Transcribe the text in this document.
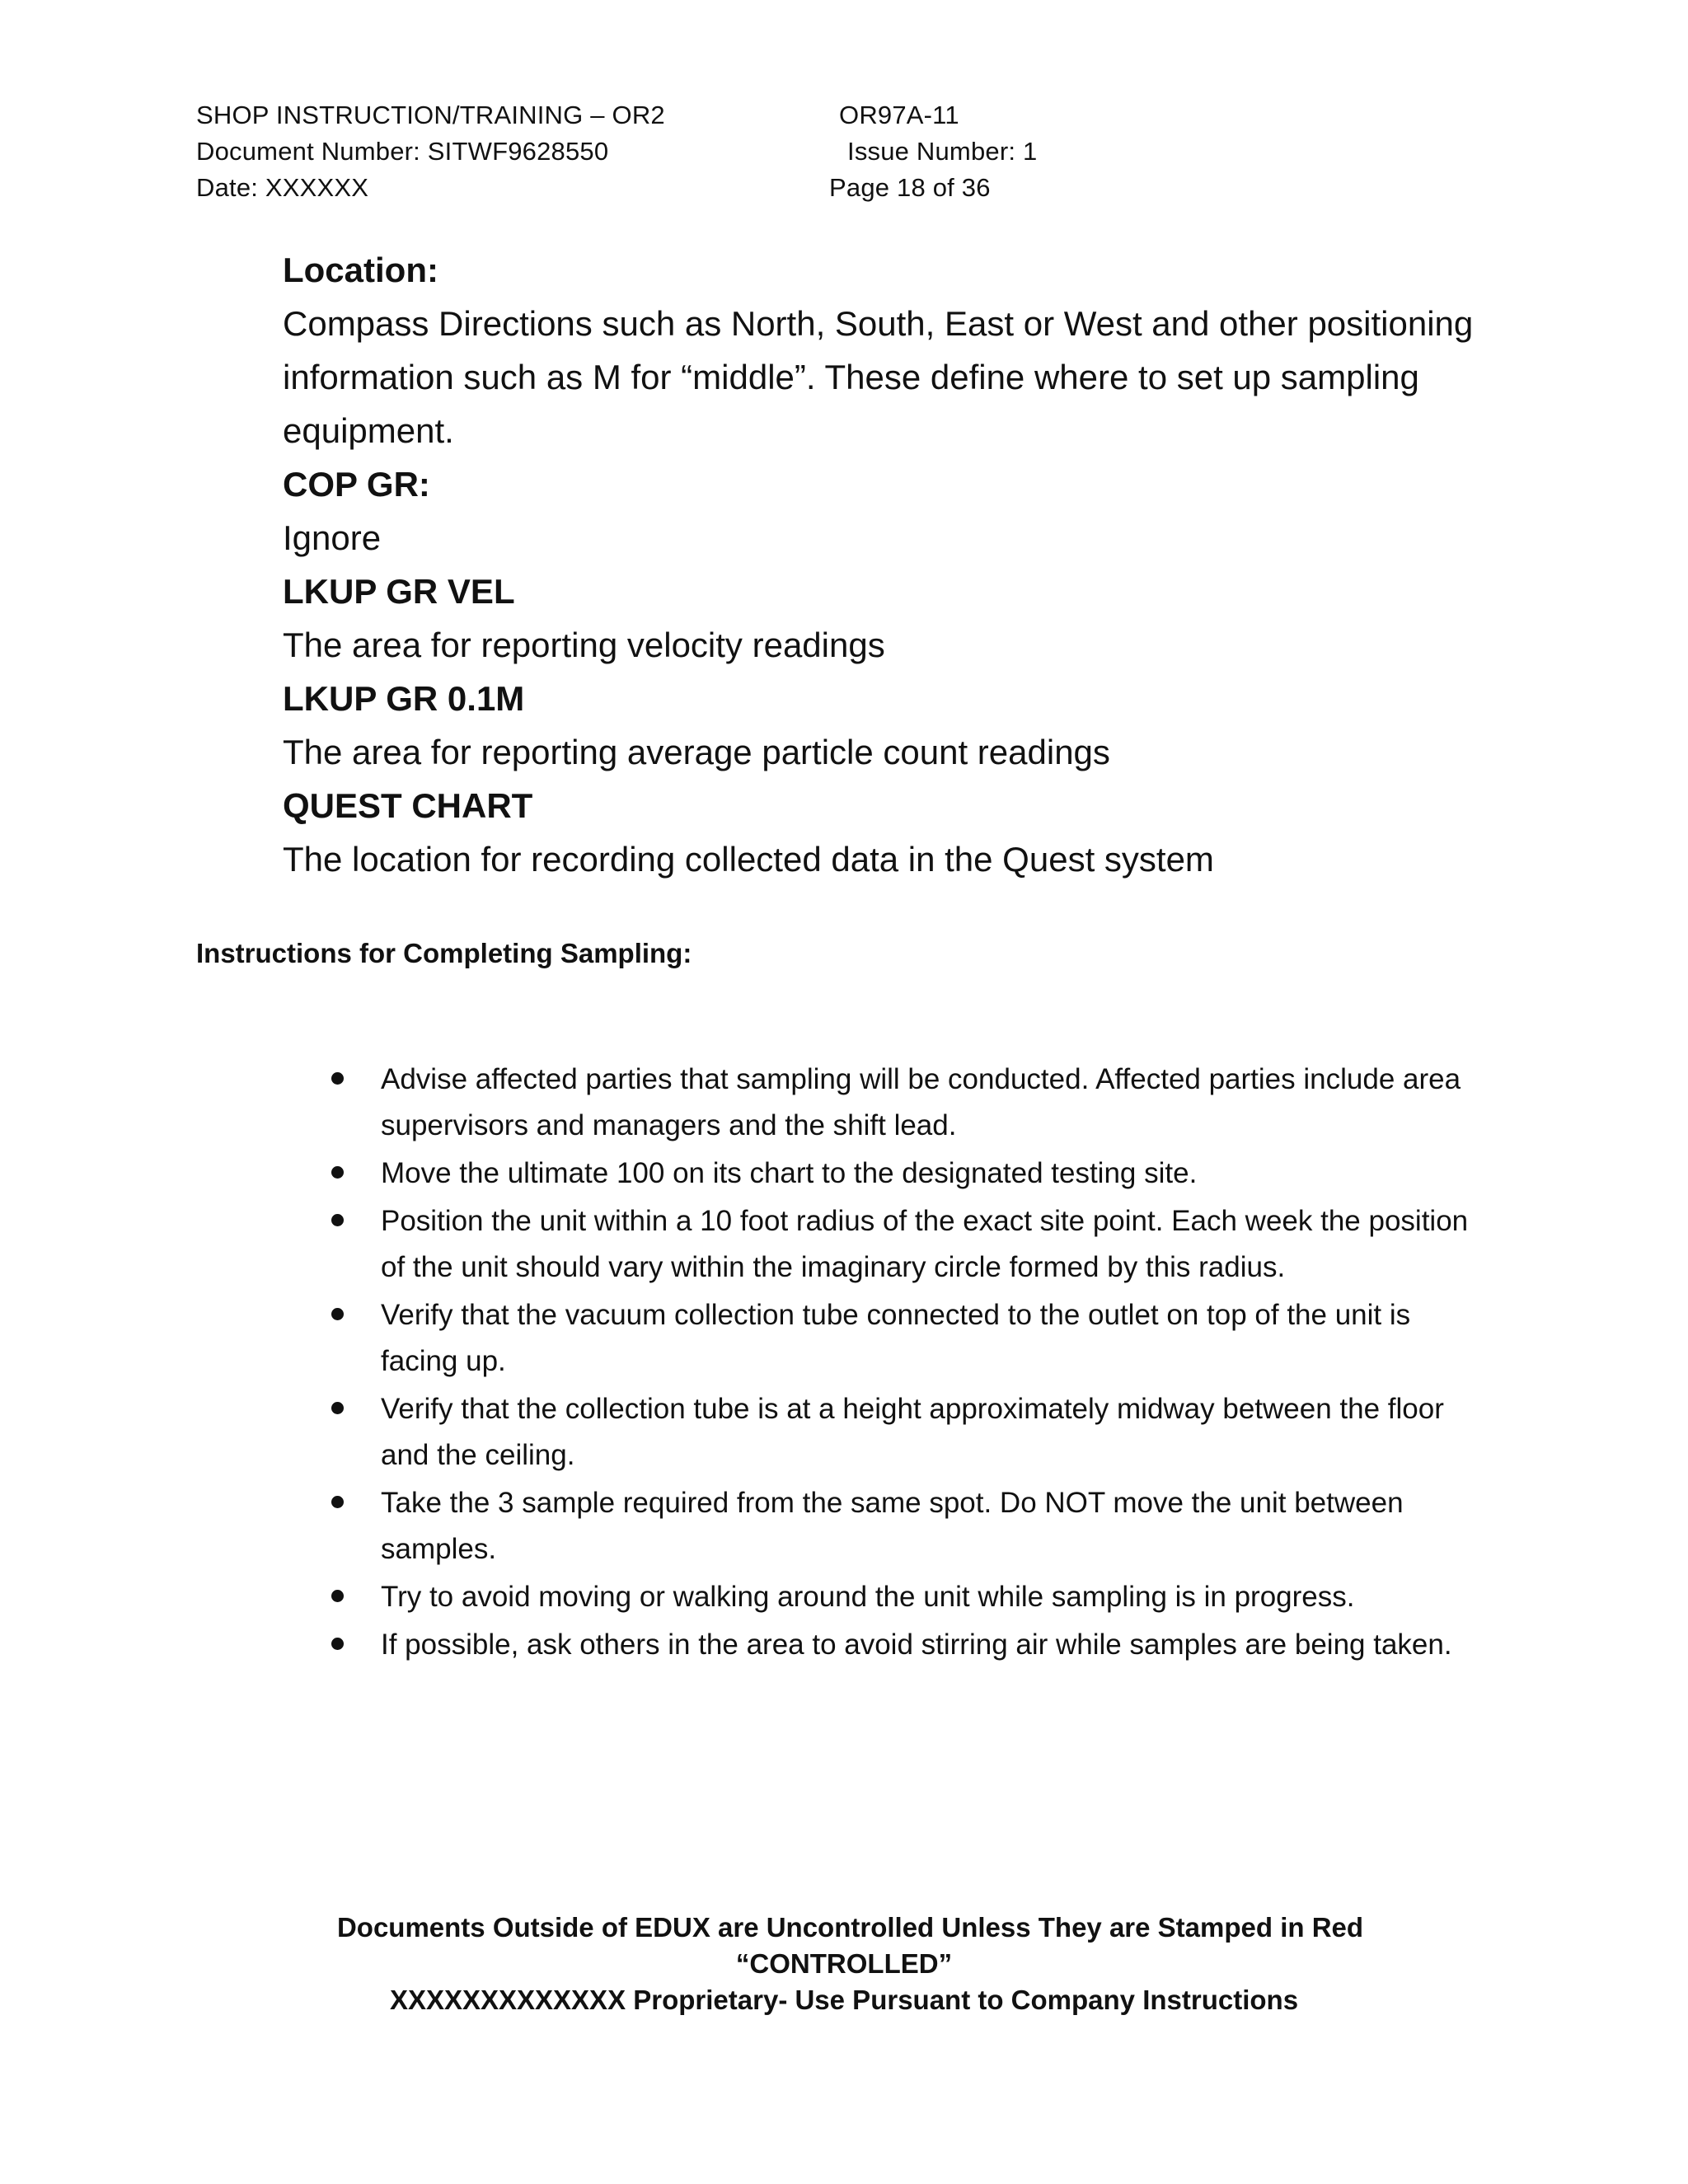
SHOP INSTRUCTION/TRAINING – OR2
Document Number: SITWF9628550
Date: XXXXXX
OR97A-11
Issue Number: 1
Page 18 of 36

Location:

Compass Directions such as North, South, East or West and other positioning information such as M for “middle”. These define where to set up sampling equipment.

COP GR:

Ignore

LKUP GR VEL

The area for reporting velocity readings

LKUP GR 0.1M

The area for reporting average particle count readings

QUEST CHART

The location for recording collected data in the Quest system

Instructions for Completing Sampling:
Advise affected parties that sampling will be conducted. Affected parties include area supervisors and managers and the shift lead.
Move the ultimate 100 on its chart to the designated testing site.
Position the unit within a 10 foot radius of the exact site point. Each week the position of the unit should vary within the imaginary circle formed by this radius.
Verify that the vacuum collection tube connected to the outlet on top of the unit is facing up.
Verify that the collection tube is at a height approximately midway between the floor and the ceiling.
Take the 3 sample required from the same spot. Do NOT move the unit between samples.
Try to avoid moving or walking around the unit while sampling is in progress.
If possible, ask others in the area to avoid stirring air while samples are being taken.
Documents Outside of EDUX are Uncontrolled Unless They are Stamped in Red
“CONTROLLED”
XXXXXXXXXXXXX Proprietary- Use Pursuant to Company Instructions
